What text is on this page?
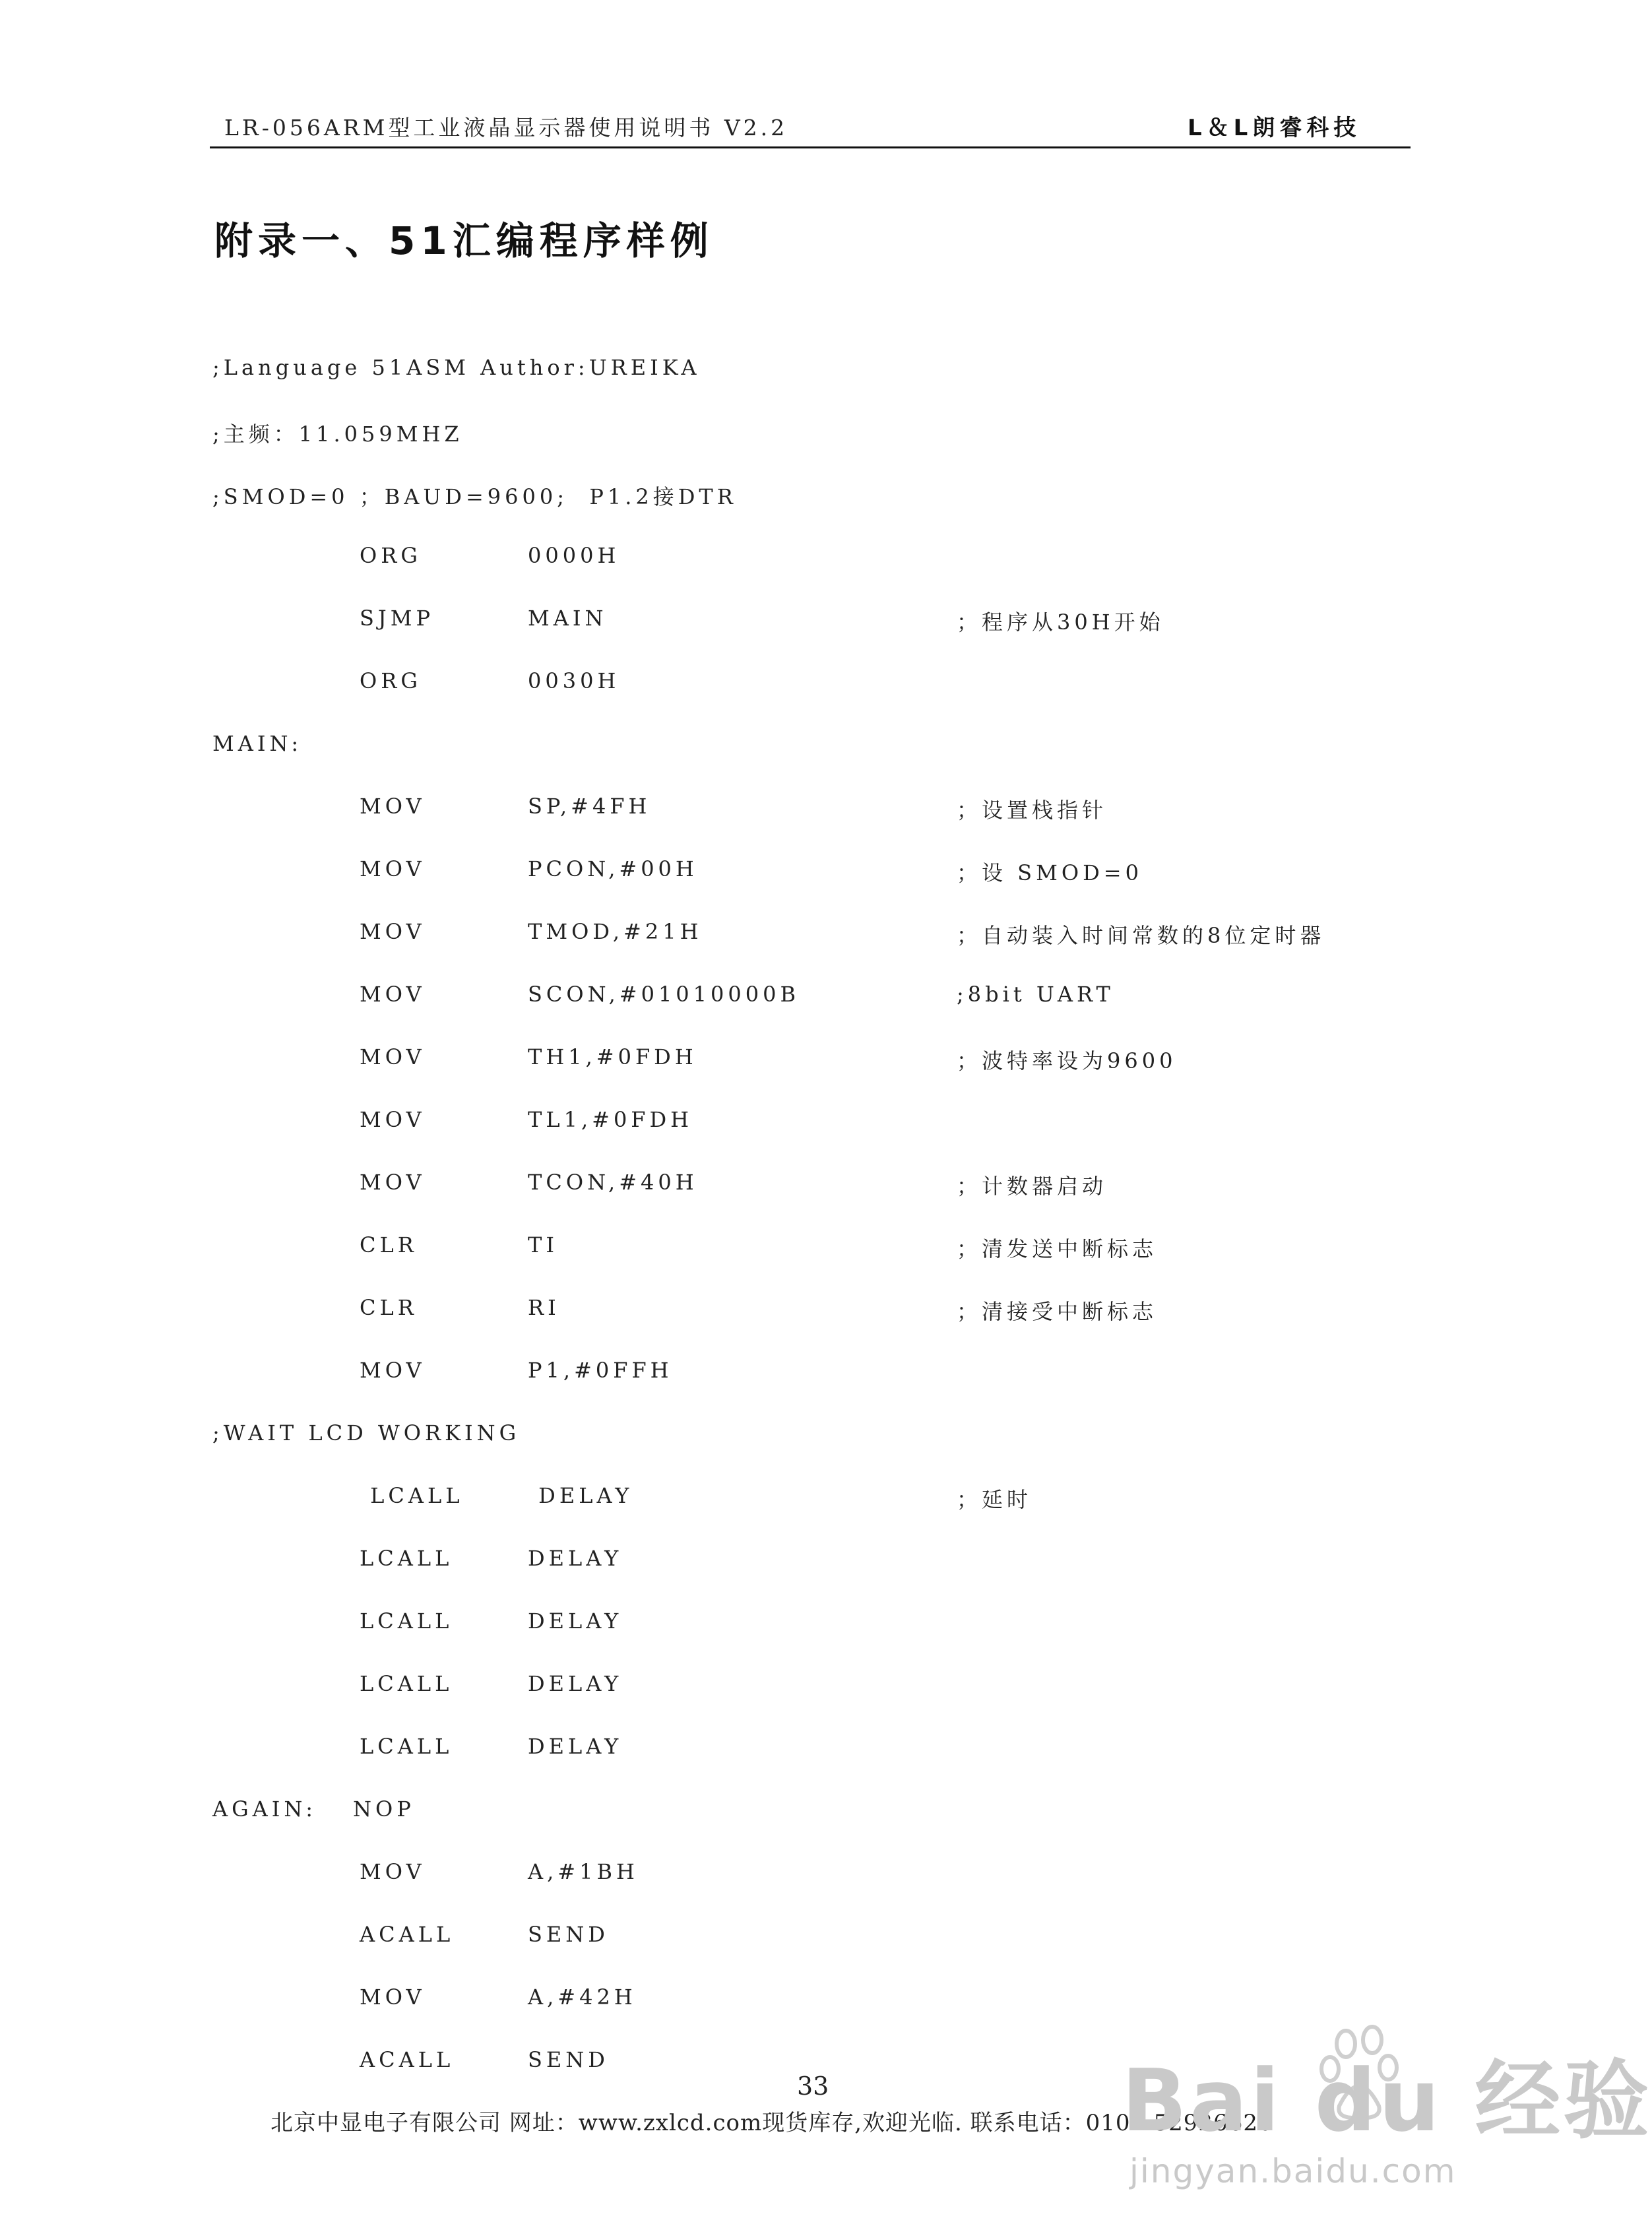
LR-056ARM型工业液晶显示器使用说明书 V2.2	L＆L朗睿科技
附录一、51汇编程序样例
;Language 51ASM Author:UREIKA
;主频：11.059MHZ
;SMOD=0 ；BAUD=9600;  P1.2接DTR
ORG	0000H
SJMP	MAIN	；程序从30H开始
ORG	0030H
MAIN:
MOV	SP,#4FH	；设置栈指针
MOV	PCON,#00H	；设 SMOD=0
MOV	TMOD,#21H	；自动装入时间常数的8位定时器
MOV	SCON,#01010000B	;8bit UART
MOV	TH1,#0FDH	；波特率设为9600
MOV	TL1,#0FDH
MOV	TCON,#40H	；计数器启动
CLR	TI	；清发送中断标志
CLR	RI	；清接受中断标志
MOV	P1,#0FFH
;WAIT LCD WORKING
LCALL	DELAY	；延时
LCALL	DELAY
LCALL	DELAY
LCALL	DELAY
LCALL	DELAY
AGAIN: NOP
MOV	A,#1BH
ACALL	SEND
MOV	A,#42H
ACALL	SEND
33
北京中显电子有限公司 网址：www.zxlcd.com现货库存,欢迎光临. 联系电话：010—52926620
Bai du 经验
jingyan.baidu.com
